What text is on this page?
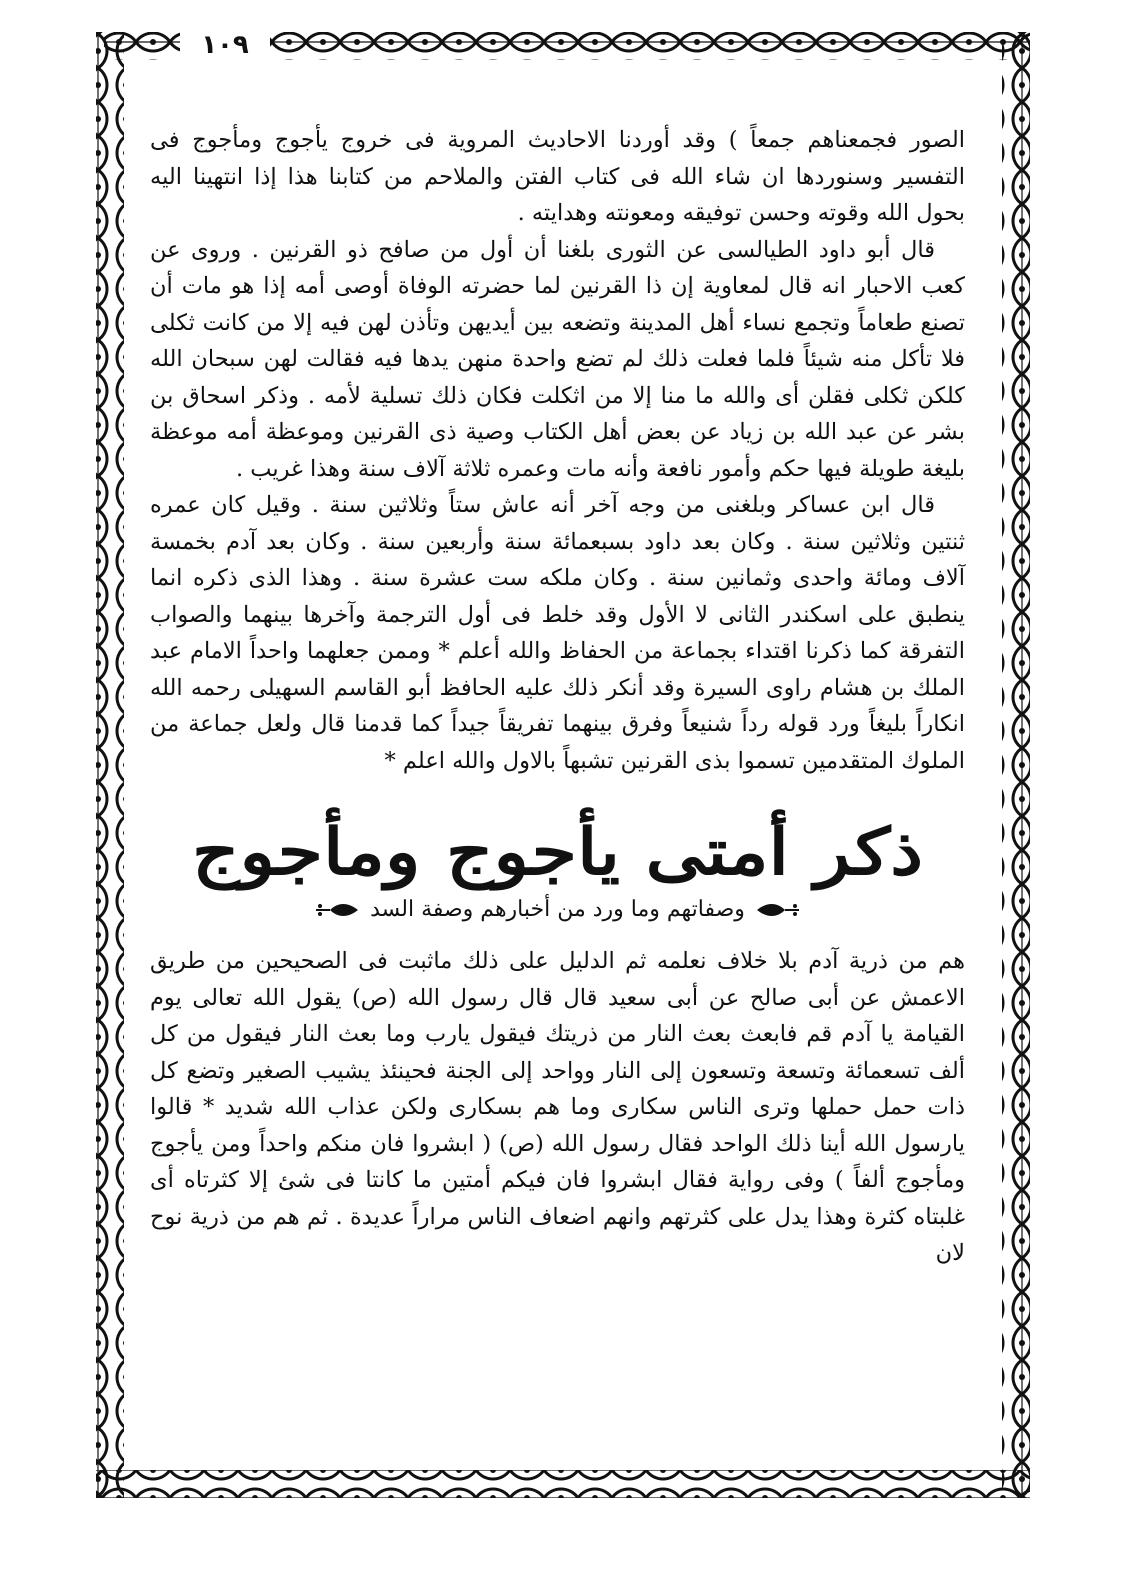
١٠٩

الصور فجمعناهم جمعاً ) وقد أوردنا الاحاديث المروية فى خروج يأجوج ومأجوج فى التفسير وسنوردها ان شاء الله فى كتاب الفتن والملاحم من كتابنا هذا إذا انتهينا اليه بحول الله وقوته وحسن توفيقه ومعونته وهدايته .

قال أبو داود الطيالسى عن الثورى بلغنا أن أول من صافح ذو القرنين . وروى عن كعب الاحبار انه قال لمعاوية إن ذا القرنين لما حضرته الوفاة أوصى أمه إذا هو مات أن تصنع طعاماً وتجمع نساء أهل المدينة وتضعه بين أيديهن وتأذن لهن فيه إلا من كانت ثكلى فلا تأكل منه شيئاً فلما فعلت ذلك لم تضع واحدة منهن يدها فيه فقالت لهن سبحان الله كلكن ثكلى فقلن أى والله ما منا إلا من اثكلت فكان ذلك تسلية لأمه . وذكر اسحاق بن بشر عن عبد الله بن زياد عن بعض أهل الكتاب وصية ذى القرنين وموعظة أمه موعظة بليغة طويلة فيها حكم وأمور نافعة وأنه مات وعمره ثلاثة آلاف سنة وهذا غريب .

قال ابن عساكر وبلغنى من وجه آخر أنه عاش ستاً وثلاثين سنة . وقيل كان عمره ثنتين وثلاثين سنة . وكان بعد داود بسبعمائة سنة وأربعين سنة . وكان بعد آدم بخمسة آلاف ومائة واحدى وثمانين سنة . وكان ملكه ست عشرة سنة . وهذا الذى ذكره انما ينطبق على اسكندر الثانى لا الأول وقد خلط فى أول الترجمة وآخرها بينهما والصواب التفرقة كما ذكرنا اقتداء بجماعة من الحفاظ والله أعلم * وممن جعلهما واحداً الامام عبد الملك بن هشام راوى السيرة وقد أنكر ذلك عليه الحافظ أبو القاسم السهيلى رحمه الله انكاراً بليغاً ورد قوله رداً شنيعاً وفرق بينهما تفريقاً جيداً كما قدمنا قال ولعل جماعة من الملوك المتقدمين تسموا بذى القرنين تشبهاً بالاول والله اعلم *

ذكر أمتى يأجوج ومأجوج
وصفاتهم وما ورد من أخبارهم وصفة السد

هم من ذرية آدم بلا خلاف نعلمه ثم الدليل على ذلك ماثبت فى الصحيحين من طريق الاعمش عن أبى صالح عن أبى سعيد قال قال رسول الله (ص) يقول الله تعالى يوم القيامة يا آدم قم فابعث بعث النار من ذريتك فيقول يارب وما بعث النار فيقول من كل ألف تسعمائة وتسعة وتسعون إلى النار وواحد إلى الجنة فحينئذ يشيب الصغير وتضع كل ذات حمل حملها وترى الناس سكارى وما هم بسكارى ولكن عذاب الله شديد * قالوا يارسول الله أينا ذلك الواحد فقال رسول الله (ص) ( ابشروا فان منكم واحداً ومن يأجوج ومأجوج ألفاً ) وفى رواية فقال ابشروا فان فيكم أمتين ما كانتا فى شئ إلا كثرتاه أى غلبتاه كثرة وهذا يدل على كثرتهم وانهم اضعاف الناس مراراً عديدة . ثم هم من ذرية نوح لان
